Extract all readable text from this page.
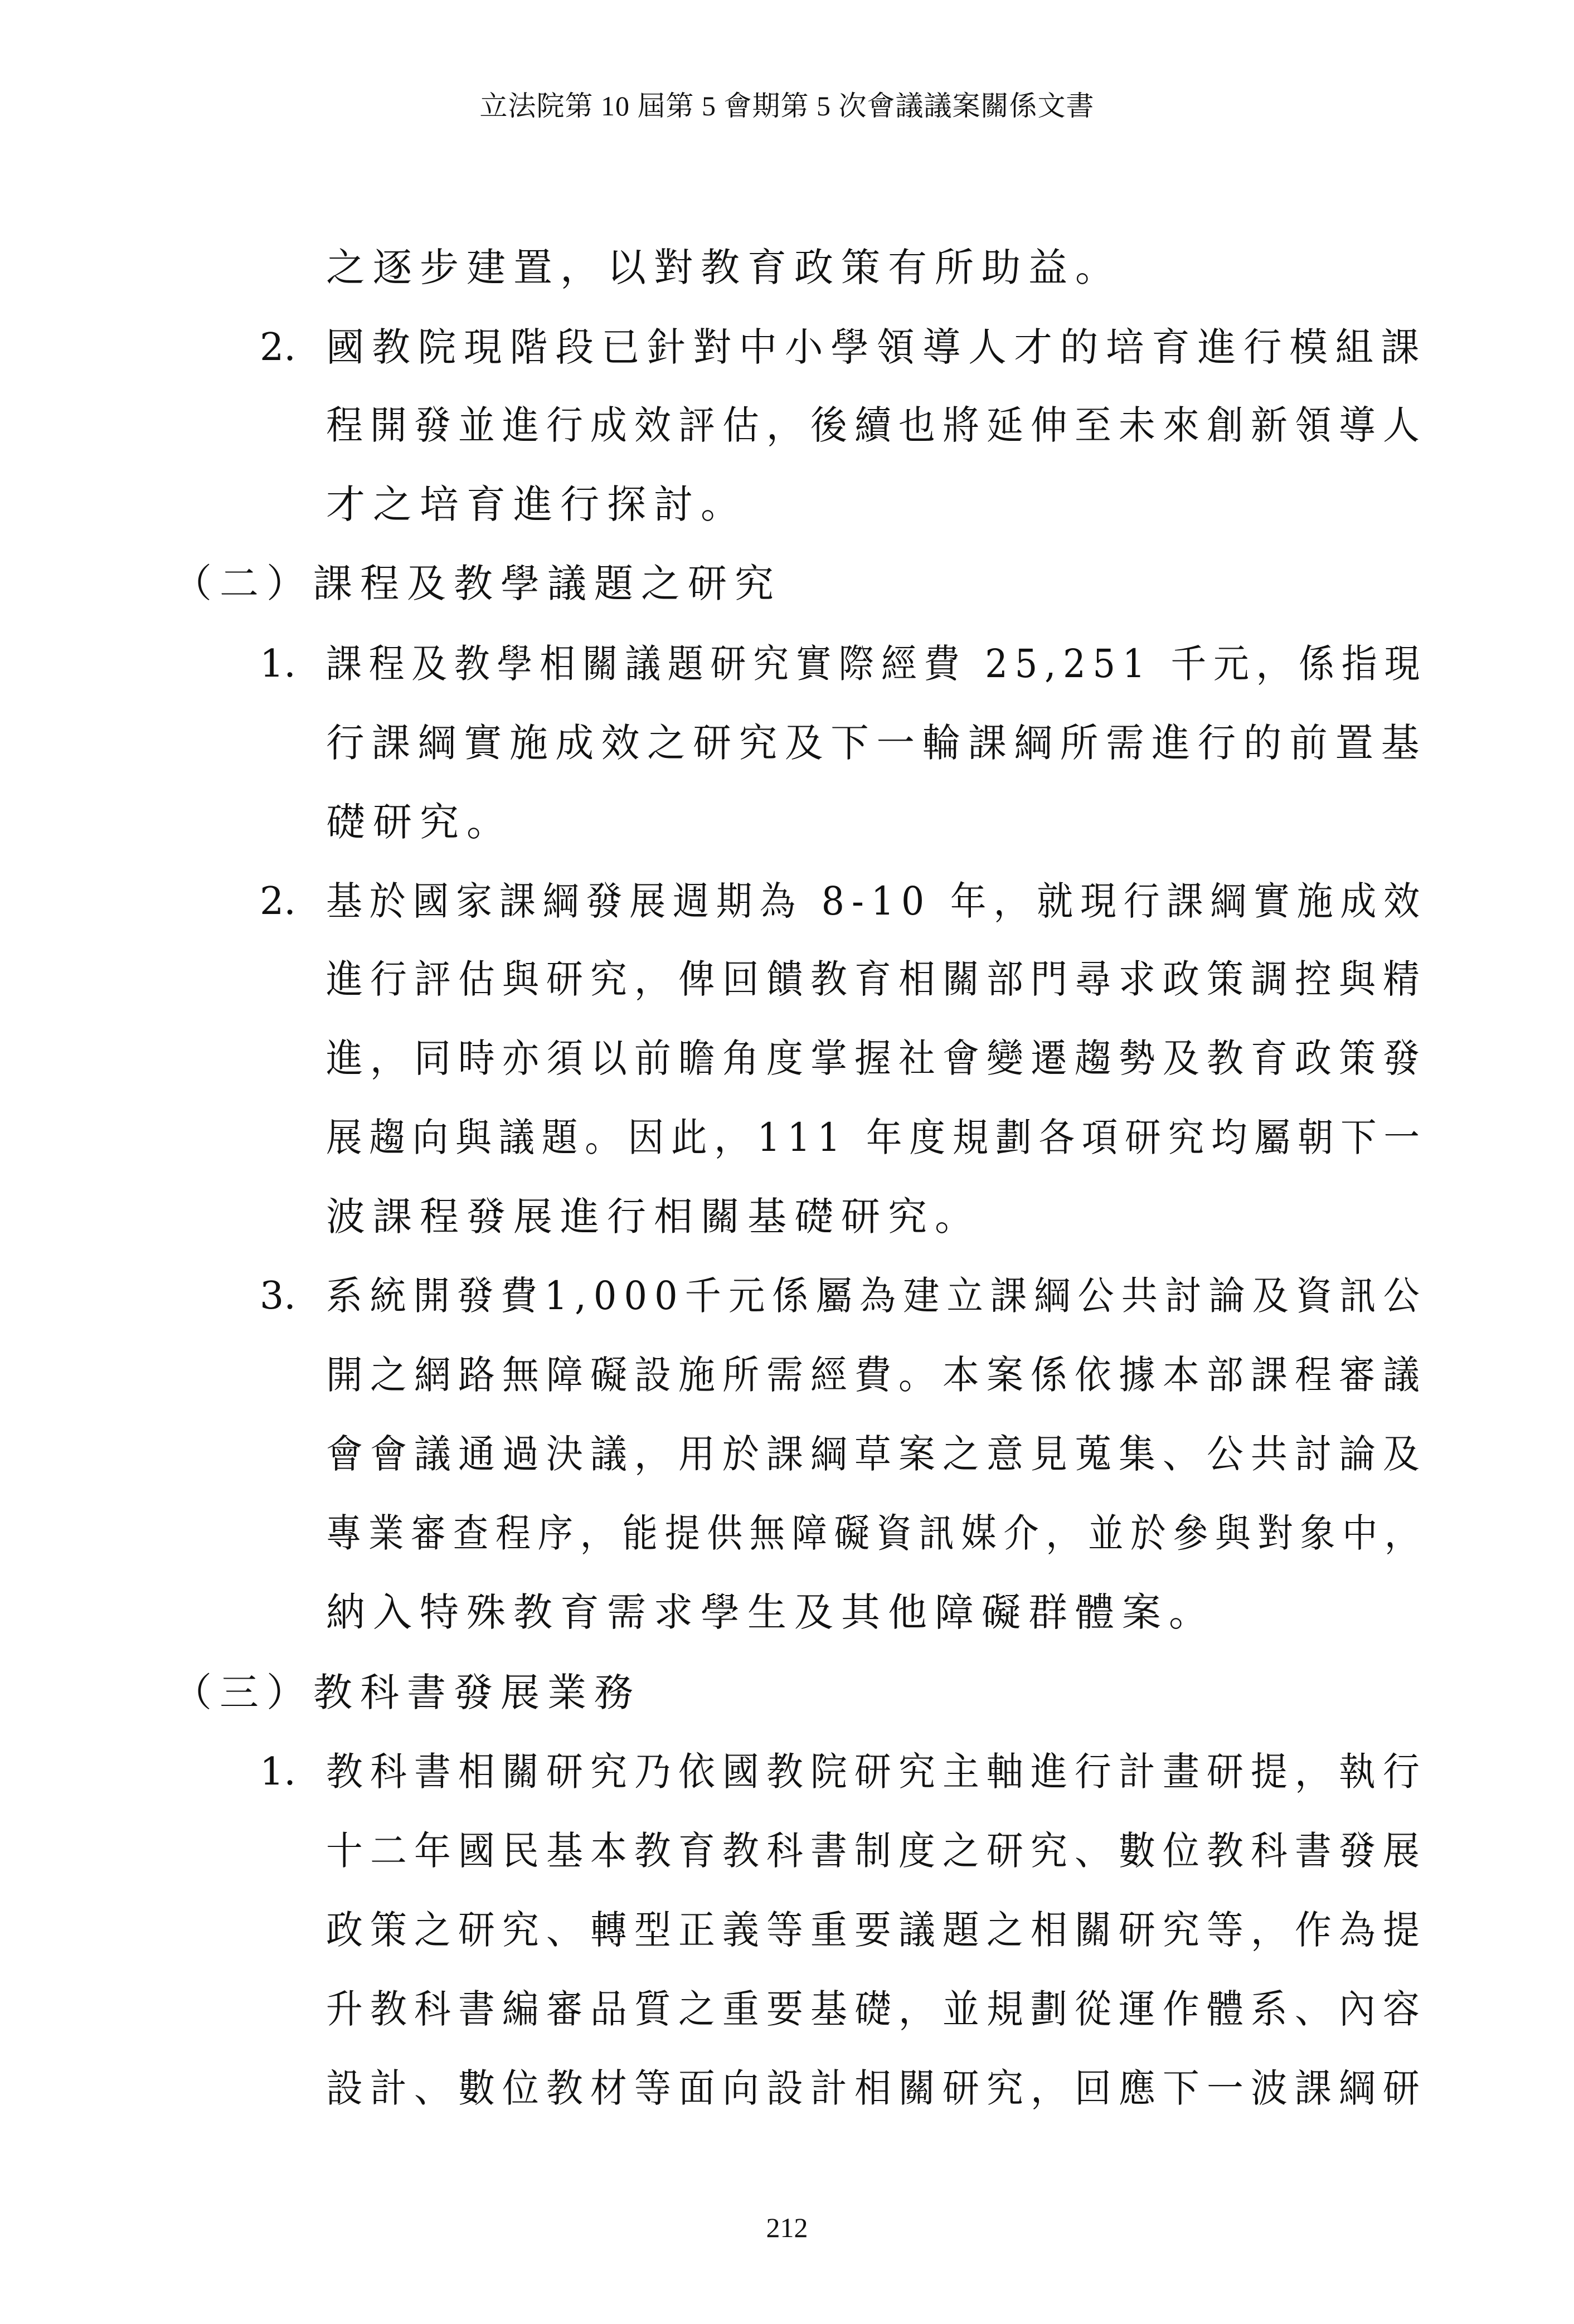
立法院第 10 屆第 5 會期第 5 次會議議案關係文書
之逐步建置，以對教育政策有所助益。
2. 國教院現階段已針對中小學領導人才的培育進行模組課
程開發並進行成效評估，後續也將延伸至未來創新領導人
才之培育進行探討。
（二）課程及教學議題之研究
1. 課程及教學相關議題研究實際經費 25,251 千元，係指現
行課綱實施成效之研究及下一輪課綱所需進行的前置基
礎研究。
2. 基於國家課綱發展週期為 8-10 年，就現行課綱實施成效
進行評估與研究，俾回饋教育相關部門尋求政策調控與精
進，同時亦須以前瞻角度掌握社會變遷趨勢及教育政策發
展趨向與議題。因此，111 年度規劃各項研究均屬朝下一
波課程發展進行相關基礎研究。
3. 系統開發費1,000千元係屬為建立課綱公共討論及資訊公
開之網路無障礙設施所需經費。本案係依據本部課程審議
會會議通過決議，用於課綱草案之意見蒐集、公共討論及
專業審查程序，能提供無障礙資訊媒介，並於參與對象中，
納入特殊教育需求學生及其他障礙群體案。
（三）教科書發展業務
1. 教科書相關研究乃依國教院研究主軸進行計畫研提，執行
十二年國民基本教育教科書制度之研究、數位教科書發展
政策之研究、轉型正義等重要議題之相關研究等，作為提
升教科書編審品質之重要基礎，並規劃從運作體系、內容
設計、數位教材等面向設計相關研究，回應下一波課綱研
212
